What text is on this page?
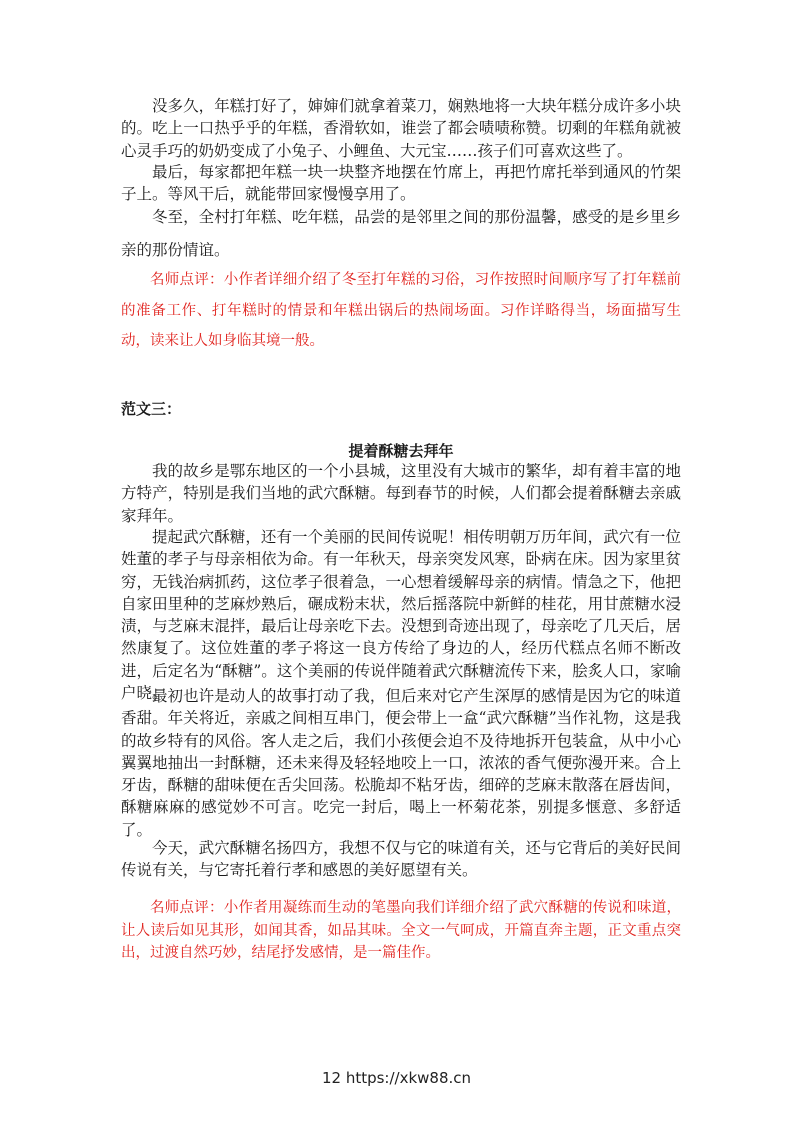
没多久，年糕打好了，婶婶们就拿着菜刀，娴熟地将一大块年糕分成许多小块的。吃上一口热乎乎的年糕，香滑软如，谁尝了都会啧啧称赞。切剩的年糕角就被心灵手巧的奶奶变成了小兔子、小鲤鱼、大元宝……孩子们可喜欢这些了。

最后，每家都把年糕一块一块整齐地摆在竹席上，再把竹席托举到通风的竹架子上。等风干后，就能带回家慢慢享用了。

冬至，全村打年糕、吃年糕，品尝的是邻里之间的那份温馨，感受的是乡里乡亲的那份情谊。

名师点评：小作者详细介绍了冬至打年糕的习俗，习作按照时间顺序写了打年糕前的准备工作、打年糕时的情景和年糕出锅后的热闹场面。习作详略得当，场面描写生动，读来让人如身临其境一般。

范文三：

提着酥糖去拜年

我的故乡是鄂东地区的一个小县城，这里没有大城市的繁华，却有着丰富的地方特产，特别是我们当地的武穴酥糖。每到春节的时候，人们都会提着酥糖去亲戚家拜年。

提起武穴酥糖，还有一个美丽的民间传说呢！相传明朝万历年间，武穴有一位姓董的孝子与母亲相依为命。有一年秋天，母亲突发风寒，卧病在床。因为家里贫穷，无钱治病抓药，这位孝子很着急，一心想着缓解母亲的病情。情急之下，他把自家田里种的芝麻炒熟后，碾成粉末状，然后摇落院中新鲜的桂花，用甘蔗糖水浸渍，与芝麻末混拌，最后让母亲吃下去。没想到奇迹出现了，母亲吃了几天后，居然康复了。这位姓董的孝子将这一良方传给了身边的人，经历代糕点名师不断改进，后定名为“酥糖”。这个美丽的传说伴随着武穴酥糖流传下来，脍炙人口，家喻户晓。

最初也许是动人的故事打动了我，但后来对它产生深厚的感情是因为它的味道香甜。年关将近，亲戚之间相互串门，便会带上一盒“武穴酥糖”当作礼物，这是我的故乡特有的风俗。客人走之后，我们小孩便会迫不及待地拆开包装盒，从中小心翼翼地抽出一封酥糖，还未来得及轻轻地咬上一口，浓浓的香气便弥漫开来。合上牙齿，酥糖的甜味便在舌尖回荡。松脆却不粘牙齿，细碎的芝麻末散落在唇齿间，酥糖麻麻的感觉妙不可言。吃完一封后，喝上一杯菊花茶，别提多惬意、多舒适了。

今天，武穴酥糖名扬四方，我想不仅与它的味道有关，还与它背后的美好民间传说有关，与它寄托着行孝和感恩的美好愿望有关。

名师点评：小作者用凝练而生动的笔墨向我们详细介绍了武穴酥糖的传说和味道，让人读后如见其形，如闻其香，如品其味。全文一气呵成，开篇直奔主题，正文重点突出，过渡自然巧妙，结尾抒发感情，是一篇佳作。

12 https://xkw88.cn
